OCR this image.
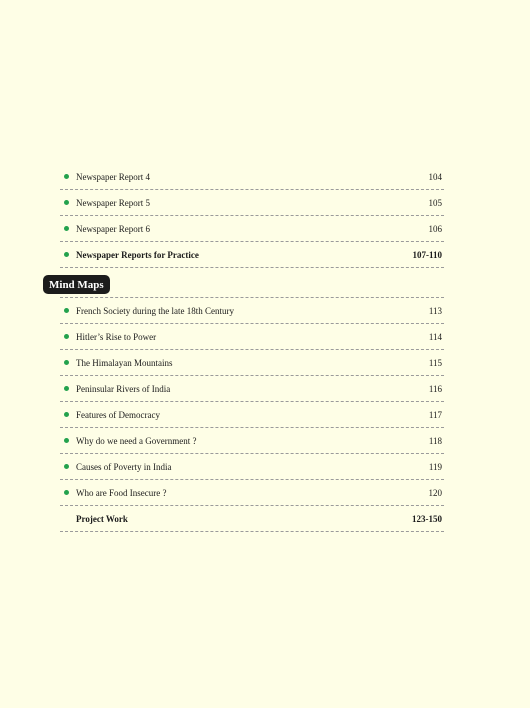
Newspaper Report 4	104
Newspaper Report 5	105
Newspaper Report 6	106
Newspaper Reports for Practice	107-110
Mind Maps
French Society during the late 18th Century	113
Hitler’s Rise to Power	114
The Himalayan Mountains	115
Peninsular Rivers of India	116
Features of Democracy	117
Why do we need a Government ?	118
Causes of Poverty in India	119
Who are Food Insecure ?	120
Project Work	123-150
